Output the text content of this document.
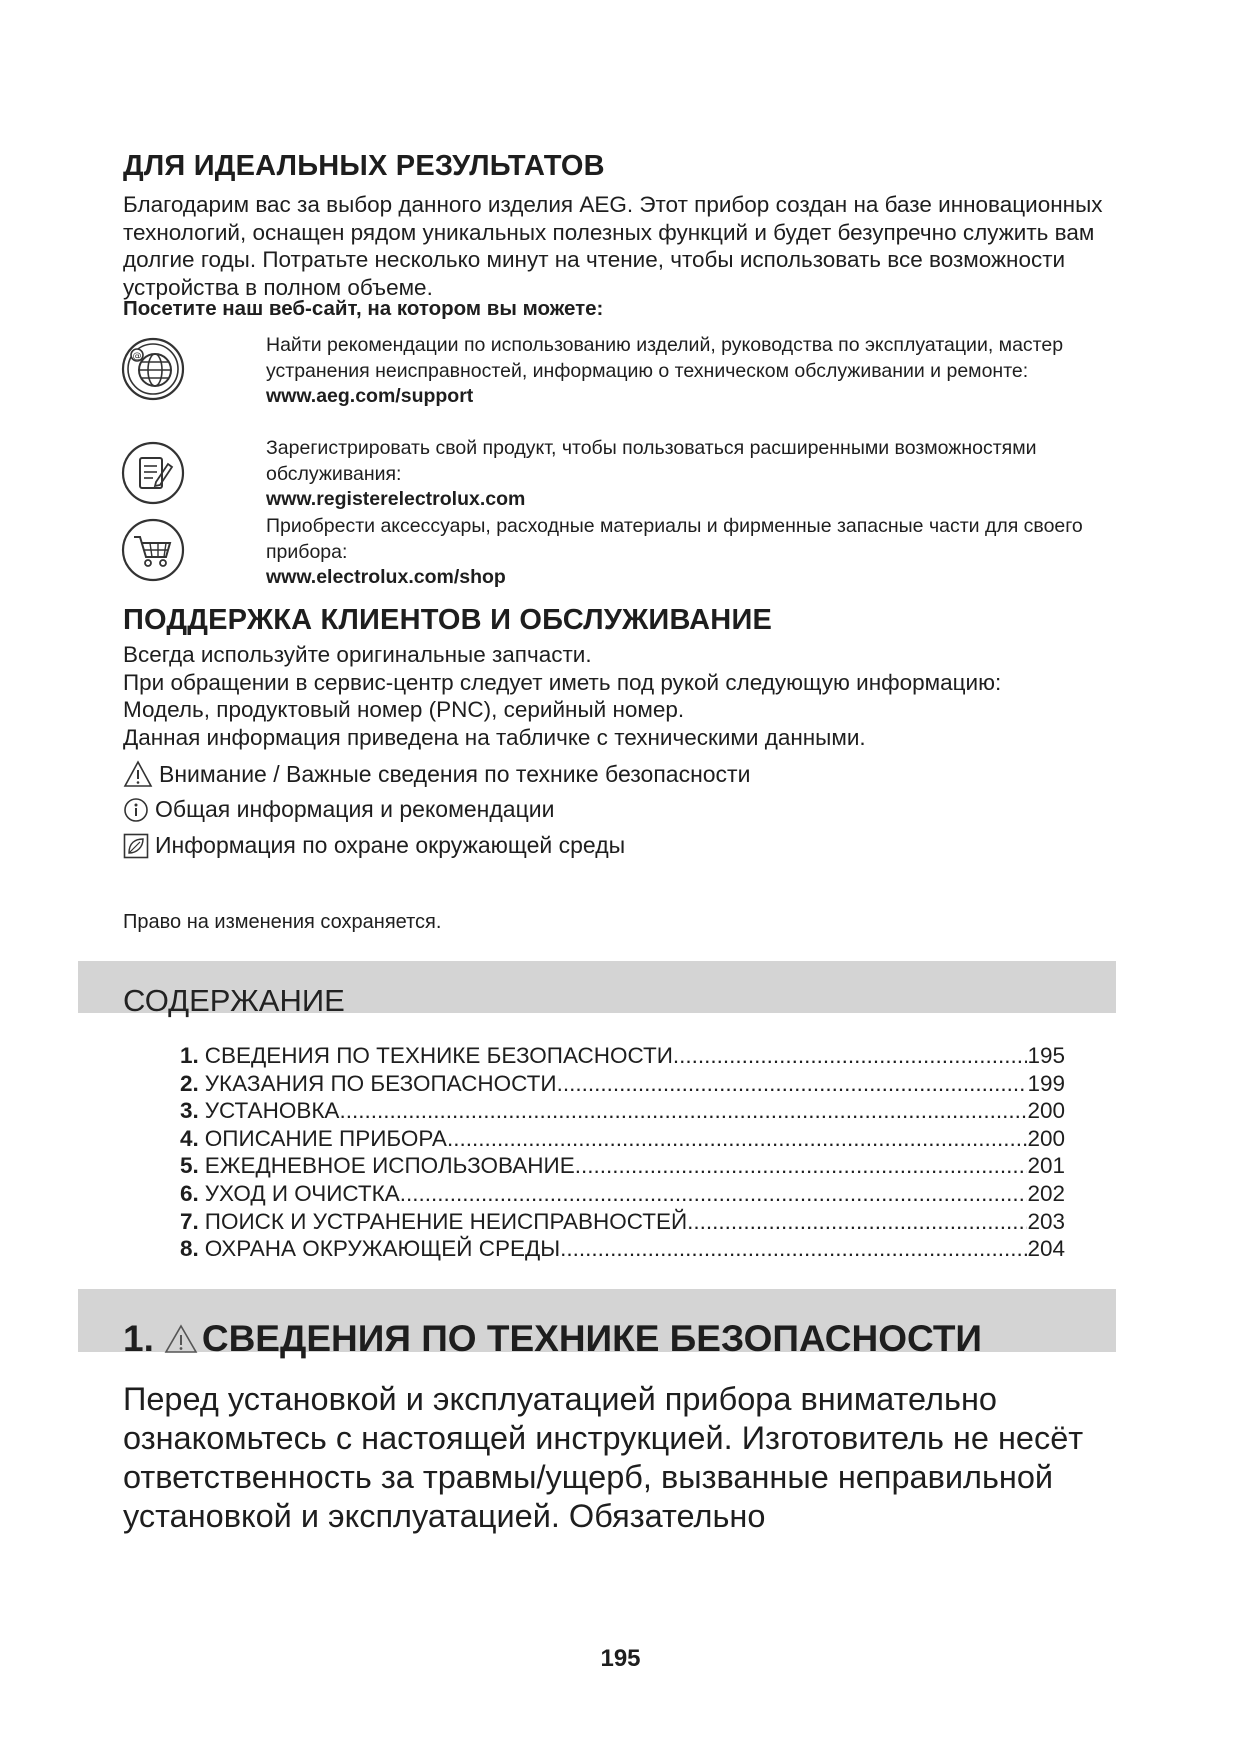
ДЛЯ ИДЕАЛЬНЫХ РЕЗУЛЬТАТОВ
Благодарим вас за выбор данного изделия AEG. Этот прибор создан на базе инновационных технологий, оснащен рядом уникальных полезных функций и будет безупречно служить вам долгие годы. Потратьте несколько минут на чтение, чтобы использовать все возможности устройства в полном объеме.
Посетите наш веб-сайт, на котором вы можете:
@

Найти рекомендации по использованию изделий, руководства по эксплуатации, мастер устранения неисправностей, информацию о техническом обслуживании и ремонте:

www.aeg.com/support

Зарегистрировать свой продукт, чтобы пользоваться расширенными возможностями обслуживания:

www.registerelectrolux.com

Приобрести аксессуары, расходные материалы и фирменные запасные части для своего прибора:

www.electrolux.com/shop

ПОДДЕРЖКА КЛИЕНТОВ И ОБСЛУЖИВАНИЕ
Всегда используйте оригинальные запчасти.
При обращении в сервис-центр следует иметь под рукой следующую информацию:
Модель, продуктовый номер (PNC), серийный номер.
Данная информация приведена на табличке с техническими данными.
Внимание / Важные сведения по технике безопасности
Общая информация и рекомендации
Информация по охране окружающей среды
Право на изменения сохраняется.
СОДЕРЖАНИЕ
1. СВЕДЕНИЯ ПО ТЕХНИКЕ БЕЗОПАСНОСТИ .....	195
2. УКАЗАНИЯ ПО БЕЗОПАСНОСТИ .....	199
3. УСТАНОВКА .....	200
4. ОПИСАНИЕ ПРИБОРА .....	200
5. ЕЖЕДНЕВНОЕ ИСПОЛЬЗОВАНИЕ .....	201
6. УХОД И ОЧИСТКА .....	202
7. ПОИСК И УСТРАНЕНИЕ НЕИСПРАВНОСТЕЙ .....	203
8. ОХРАНА ОКРУЖАЮЩЕЙ СРЕДЫ .....	204
1. СВЕДЕНИЯ ПО ТЕХНИКЕ БЕЗОПАСНОСТИ
Перед установкой и эксплуатацией прибора внимательно ознакомьтесь с настоящей инструкцией. Изготовитель не несёт ответственность за травмы/ущерб, вызванные неправильной установкой и эксплуатацией. Обязательно
195
